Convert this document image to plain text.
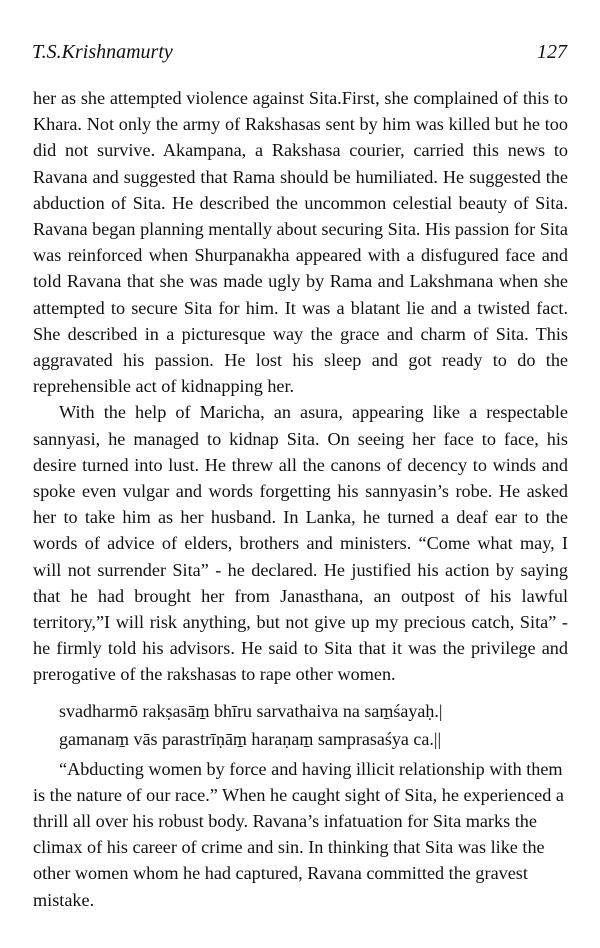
T.S.Krishnamurty	127

her as she attempted violence against Sita.First, she complained of this to Khara. Not only the army of Rakshasas sent by him was killed but he too did not survive. Akampana, a Rakshasa courier, carried this news to Ravana and suggested that Rama should be humiliated. He suggested the abduction of Sita. He described the uncommon celestial beauty of Sita. Ravana began planning mentally about securing Sita. His passion for Sita was reinforced when Shurpanakha appeared with a disfugured face and told Ravana that she was made ugly by Rama and Lakshmana when she attempted to secure Sita for him. It was a blatant lie and a twisted fact. She described in a picturesque way the grace and charm of Sita. This aggravated his passion. He lost his sleep and got ready to do the reprehensible act of kidnapping her.

With the help of Maricha, an asura, appearing like a respectable sannyasi, he managed to kidnap Sita. On seeing her face to face, his desire turned into lust. He threw all the canons of decency to winds and spoke even vulgar and words forgetting his sannyasin’s robe. He asked her to take him as her husband. In Lanka, he turned a deaf ear to the words of advice of elders, brothers and ministers. “Come what may, I will not surrender Sita” - he declared. He justified his action by saying that he had brought her from Janasthana, an outpost of his lawful territory,”I will risk anything, but not give up my precious catch, Sita” - he firmly told his advisors. He said to Sita that it was the privilege and prerogative of the rakshasas to rape other women.

svadharmō rakṣasām̱ bhīru sarvathaiva na sam̱śayaḥ.|
gamanam̱ vās parastrīṇām̱ haraṇam̱ samprasaśya ca.||

“Abducting women by force and having illicit relationship with them is the nature of our race.” When he caught sight of Sita, he experienced a thrill all over his robust body. Ravana’s infatuation for Sita marks the climax of his career of crime and sin. In thinking that Sita was like the other women whom he had captured, Ravana committed the gravest mistake.
